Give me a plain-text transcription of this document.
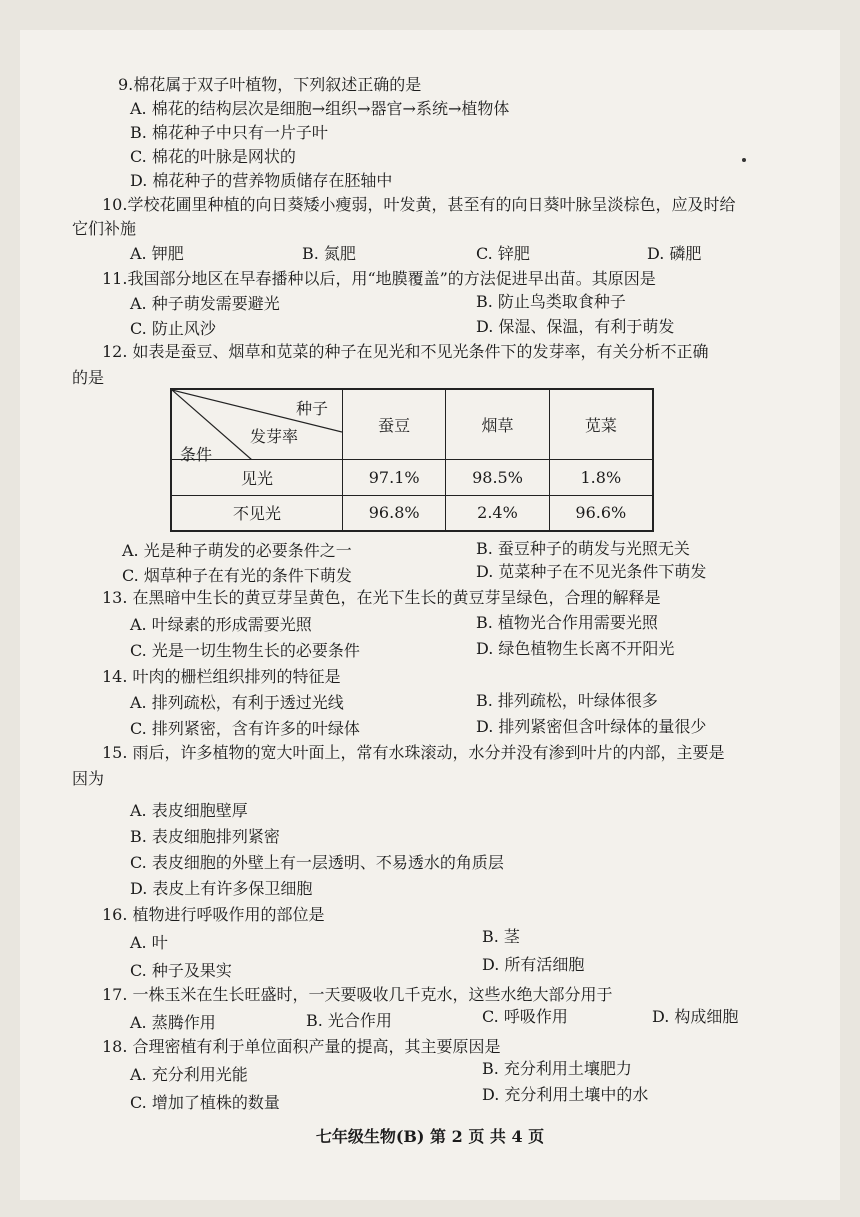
9.棉花属于双子叶植物，下列叙述正确的是
A. 棉花的结构层次是细胞→组织→器官→系统→植物体
B. 棉花种子中只有一片子叶
C. 棉花的叶脉是网状的
D. 棉花种子的营养物质储存在胚轴中
10.学校花圃里种植的向日葵矮小瘦弱，叶发黄，甚至有的向日葵叶脉呈淡棕色，应及时给
它们补施
A. 钾肥	B. 氮肥	C. 锌肥	D. 磷肥
11.我国部分地区在早春播种以后，用“地膜覆盖”的方法促进早出苗。其原因是
A. 种子萌发需要避光	B. 防止鸟类取食种子
C. 防止风沙	D. 保湿、保温，有利于萌发
12. 如表是蚕豆、烟草和苋菜的种子在见光和不见光条件下的发芽率，有关分析不正确
的是
种子
发芽率
条件	蚕豆	烟草	苋菜
见光	97.1%	98.5%	1.8%
不见光	96.8%	2.4%	96.6%
A. 光是种子萌发的必要条件之一	B. 蚕豆种子的萌发与光照无关
C. 烟草种子在有光的条件下萌发	D. 苋菜种子在不见光条件下萌发
13. 在黑暗中生长的黄豆芽呈黄色，在光下生长的黄豆芽呈绿色，合理的解释是
A. 叶绿素的形成需要光照	B. 植物光合作用需要光照
C. 光是一切生物生长的必要条件	D. 绿色植物生长离不开阳光
14. 叶肉的栅栏组织排列的特征是
A. 排列疏松，有利于透过光线	B. 排列疏松，叶绿体很多
C. 排列紧密，含有许多的叶绿体	D. 排列紧密但含叶绿体的量很少
15. 雨后，许多植物的宽大叶面上，常有水珠滚动，水分并没有渗到叶片的内部，主要是
因为
A. 表皮细胞壁厚
B. 表皮细胞排列紧密
C. 表皮细胞的外壁上有一层透明、不易透水的角质层
D. 表皮上有许多保卫细胞
16. 植物进行呼吸作用的部位是
A. 叶	B. 茎
C. 种子及果实	D. 所有活细胞
17. 一株玉米在生长旺盛时，一天要吸收几千克水，这些水绝大部分用于
A. 蒸腾作用	B. 光合作用	C. 呼吸作用	D. 构成细胞
18. 合理密植有利于单位面积产量的提高，其主要原因是
A. 充分利用光能	B. 充分利用土壤肥力
C. 增加了植株的数量	D. 充分利用土壤中的水
七年级生物(B) 第 2 页 共 4 页
